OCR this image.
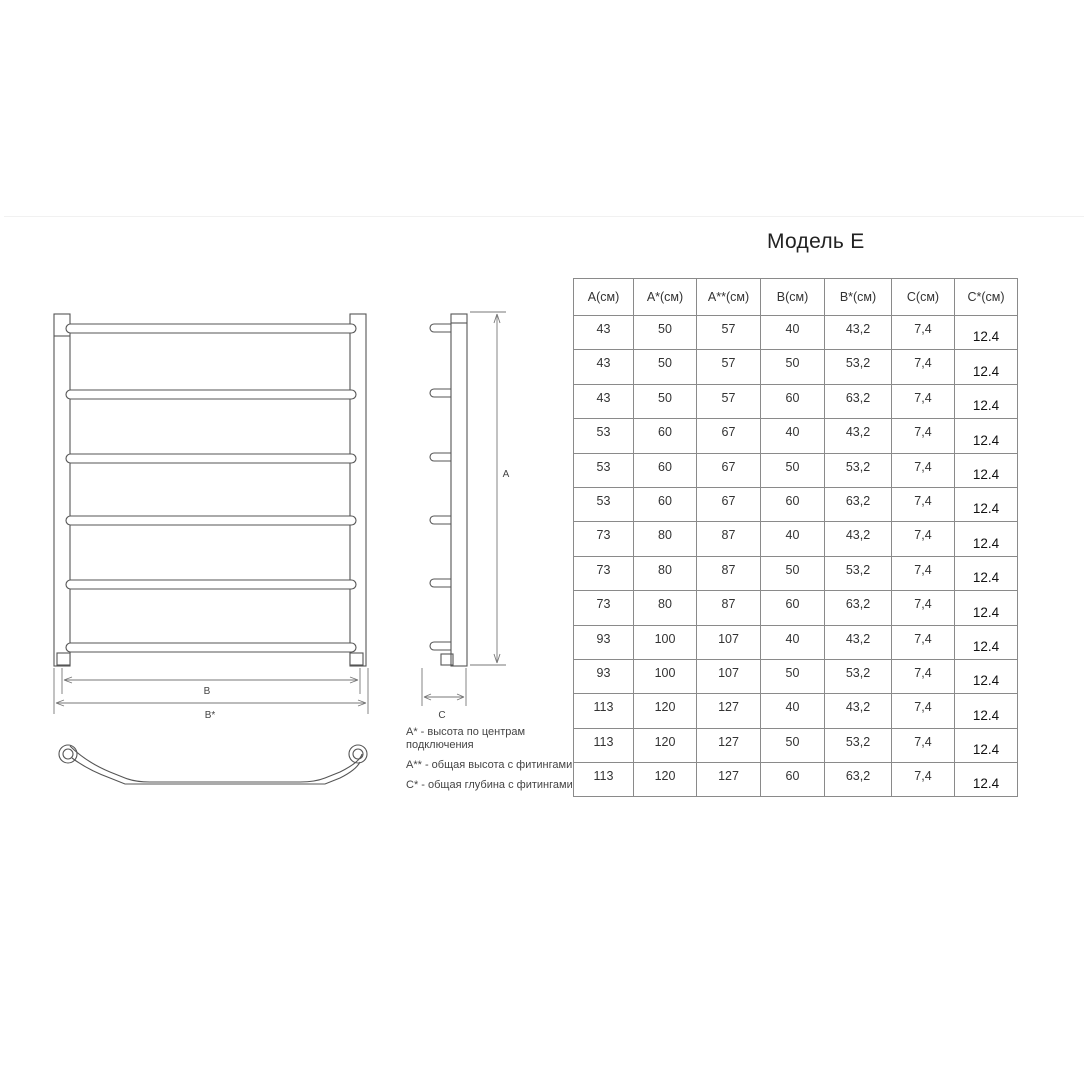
Модель E
B
B*
A
C

A* - высота по центрам подключения

A** - общая высота с фитингами

C* - общая глубина с фитингами

A(см)	A*(см)	A**(см)	B(см)	B*(см)	C(см)	C*(см)
43	50	57	40	43,2	7,4	12.4
43	50	57	50	53,2	7,4	12.4
43	50	57	60	63,2	7,4	12.4
53	60	67	40	43,2	7,4	12.4
53	60	67	50	53,2	7,4	12.4
53	60	67	60	63,2	7,4	12.4
73	80	87	40	43,2	7,4	12.4
73	80	87	50	53,2	7,4	12.4
73	80	87	60	63,2	7,4	12.4
93	100	107	40	43,2	7,4	12.4
93	100	107	50	53,2	7,4	12.4
113	120	127	40	43,2	7,4	12.4
113	120	127	50	53,2	7,4	12.4
113	120	127	60	63,2	7,4	12.4
